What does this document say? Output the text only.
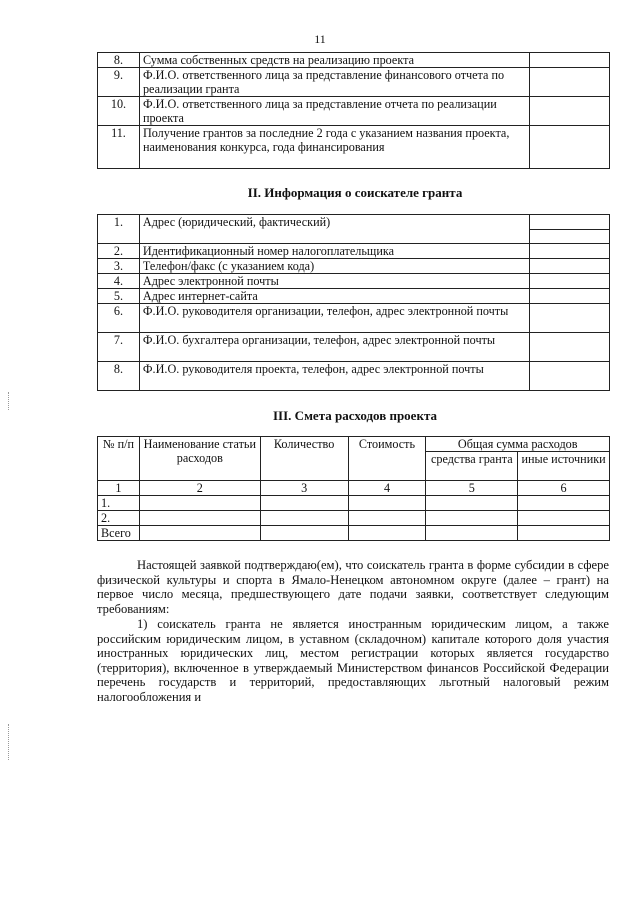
11
8.	Сумма собственных средств на реализацию проекта	
9.	Ф.И.О. ответственного лица за представление финансового отчета по реализации гранта	
10.	Ф.И.О. ответственного лица за представление отчета по реализации проекта	
11.	Получение грантов за последние 2 года с указанием названия проекта, наименования конкурса, года финансирования	
II. Информация о соискателе гранта
1.	Адрес (юридический, фактический)	

2.	Идентификационный номер налогоплательщика	
3.	Телефон/факс (с указанием кода)	
4.	Адрес электронной почты	
5.	Адрес интернет-сайта	
6.	Ф.И.О. руководителя организации, телефон, адрес электронной почты	
7.	Ф.И.О. бухгалтера организации, телефон, адрес электронной почты	
8.	Ф.И.О. руководителя проекта, телефон, адрес электронной почты	
III. Смета расходов проекта
№ п/п	Наименование статьи расходов	Количество	Стоимость	Общая сумма расходов	
				средства гранта	иные источники
1	2	3	4	5	6
1.					
2.					
Всего					

Настоящей заявкой подтверждаю(ем), что соискатель гранта в форме субсидии в сфере физической культуры и спорта в Ямало-Ненецком автономном округе (далее – грант) на первое число месяца, предшествующего дате подачи заявки, соответствует следующим требованиям:

1) соискатель гранта не является иностранным юридическим лицом, а также российским юридическим лицом, в уставном (складочном) капитале которого доля участия иностранных юридических лиц, местом регистрации которых является государство (территория), включенное в утверждаемый Министерством финансов Российской Федерации перечень государств и территорий, предоставляющих льготный налоговый режим налогообложения и
